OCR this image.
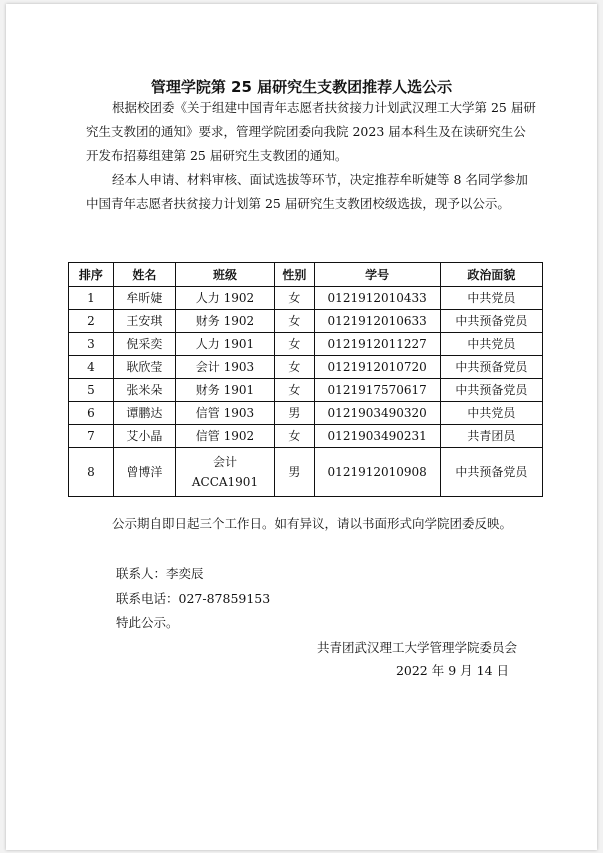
管理学院第 25 届研究生支教团推荐人选公示

根据校团委《关于组建中国青年志愿者扶贫接力计划武汉理工大学第 25 届研究生支教团的通知》要求，管理学院团委向我院 2023 届本科生及在读研究生公开发布招募组建第 25 届研究生支教团的通知。

经本人申请、材料审核、面试选拔等环节，决定推荐牟昕婕等 8 名同学参加中国青年志愿者扶贫接力计划第 25 届研究生支教团校级选拔，现予以公示。

排序	姓名	班级	性别	学号	政治面貌
1	牟昕婕	人力 1902	女	0121912010433	中共党员
2	王安琪	财务 1902	女	0121912010633	中共预备党员
3	倪采奕	人力 1901	女	0121912011227	中共党员
4	耿欣莹	会计 1903	女	0121912010720	中共预备党员
5	张米朵	财务 1901	女	0121917570617	中共预备党员
6	谭鹏达	信管 1903	男	0121903490320	中共党员
7	艾小晶	信管 1902	女	0121903490231	共青团员
8	曾博洋	会计 ACCA1901	男	0121912010908	中共预备党员

公示期自即日起三个工作日。如有异议，请以书面形式向学院团委反映。

联系人：李奕辰
联系电话：027-87859153
特此公示。
共青团武汉理工大学管理学院委员会
2022 年 9 月 14 日
